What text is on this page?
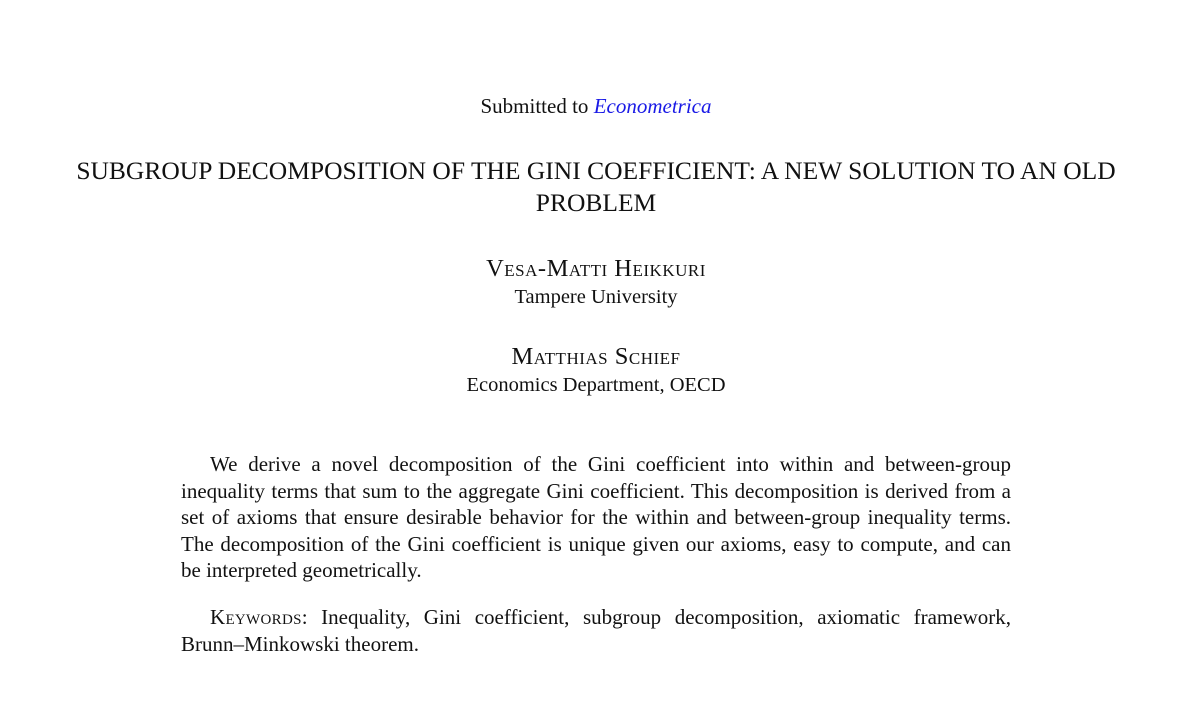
Submitted to Econometrica
SUBGROUP DECOMPOSITION OF THE GINI COEFFICIENT: A NEW SOLUTION TO AN OLD PROBLEM
Vesa-Matti Heikkuri
Tampere University
Matthias Schief
Economics Department, OECD

We derive a novel decomposition of the Gini coefficient into within and between-group inequality terms that sum to the aggregate Gini coefficient. This decomposition is derived from a set of axioms that ensure desirable behavior for the within and between-group inequality terms. The decomposition of the Gini coefficient is unique given our axioms, easy to compute, and can be interpreted geometrically.

Keywords: Inequality, Gini coefficient, subgroup decomposition, axiomatic framework, Brunn–Minkowski theorem.
